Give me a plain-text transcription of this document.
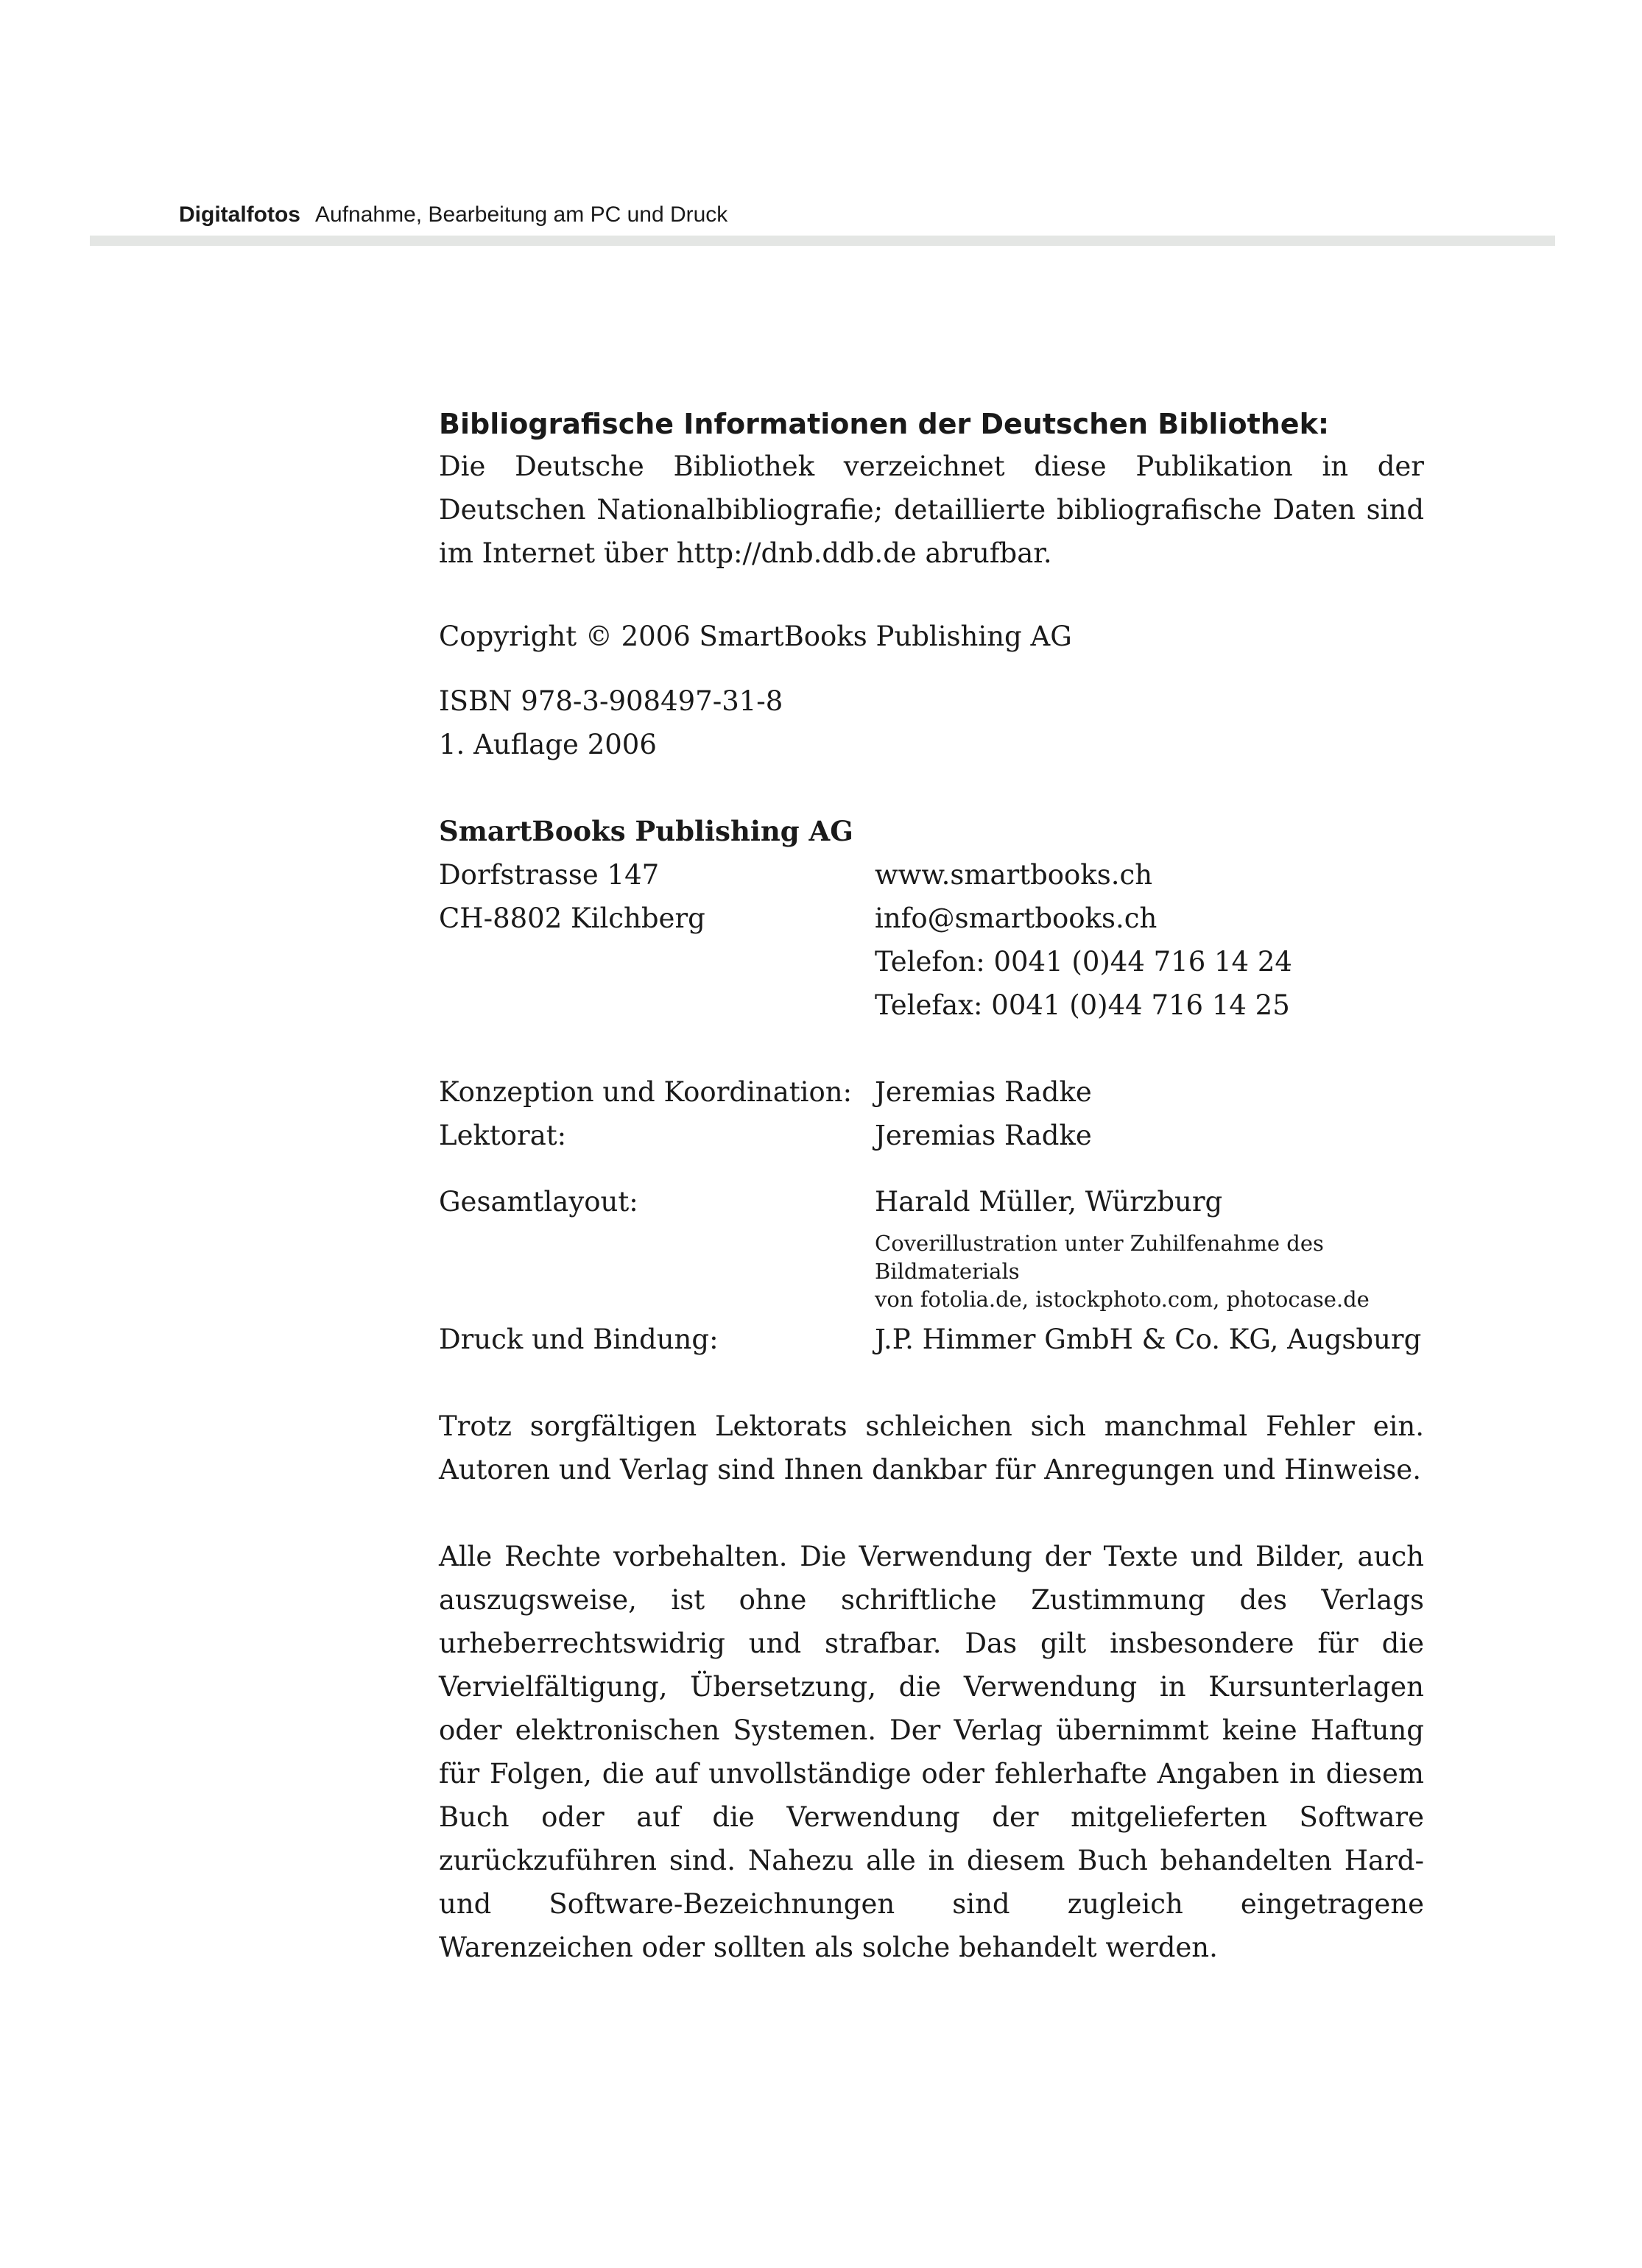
Digitalfotos Aufnahme, Bearbeitung am PC und Druck

Bibliografische Informationen der Deutschen Bibliothek:

Die Deutsche Bibliothek verzeichnet diese Publikation in der Deutschen Nationalbibliografie; detaillierte bibliografische Daten sind im Internet über http://dnb.ddb.de abrufbar.

Copyright © 2006 SmartBooks Publishing AG
ISBN 978-3-908497-31-8
1. Auflage 2006
SmartBooks Publishing AG
Dorfstrasse 147	www.smartbooks.ch
CH-8802 Kilchberg	info@smartbooks.ch
Telefon: 0041 (0)44 716 14 24
Telefax: 0041 (0)44 716 14 25
Konzeption und Koordination: Jeremias Radke
Lektorat:	Jeremias Radke
Gesamtlayout:	Harald Müller, Würzburg
Coverillustration unter Zuhilfenahme des Bildmaterials
von fotolia.de, istockphoto.com, photocase.de
Druck und Bindung:	J.P. Himmer GmbH & Co. KG, Augsburg

Trotz sorgfältigen Lektorats schleichen sich manchmal Fehler ein. Autoren und Verlag sind Ihnen dankbar für Anregungen und Hinweise.

Alle Rechte vorbehalten. Die Verwendung der Texte und Bilder, auch auszugsweise, ist ohne schriftliche Zustimmung des Verlags urheberrechtswidrig und strafbar. Das gilt insbesondere für die Vervielfältigung, Übersetzung, die Verwendung in Kursunterlagen oder elektronischen Systemen. Der Verlag übernimmt keine Haftung für Folgen, die auf unvollständige oder fehlerhafte Angaben in diesem Buch oder auf die Verwendung der mitgelieferten Software zurückzuführen sind. Nahezu alle in diesem Buch behandelten Hard- und Software-Bezeichnungen sind zugleich eingetragene Warenzeichen oder sollten als solche behandelt werden.
